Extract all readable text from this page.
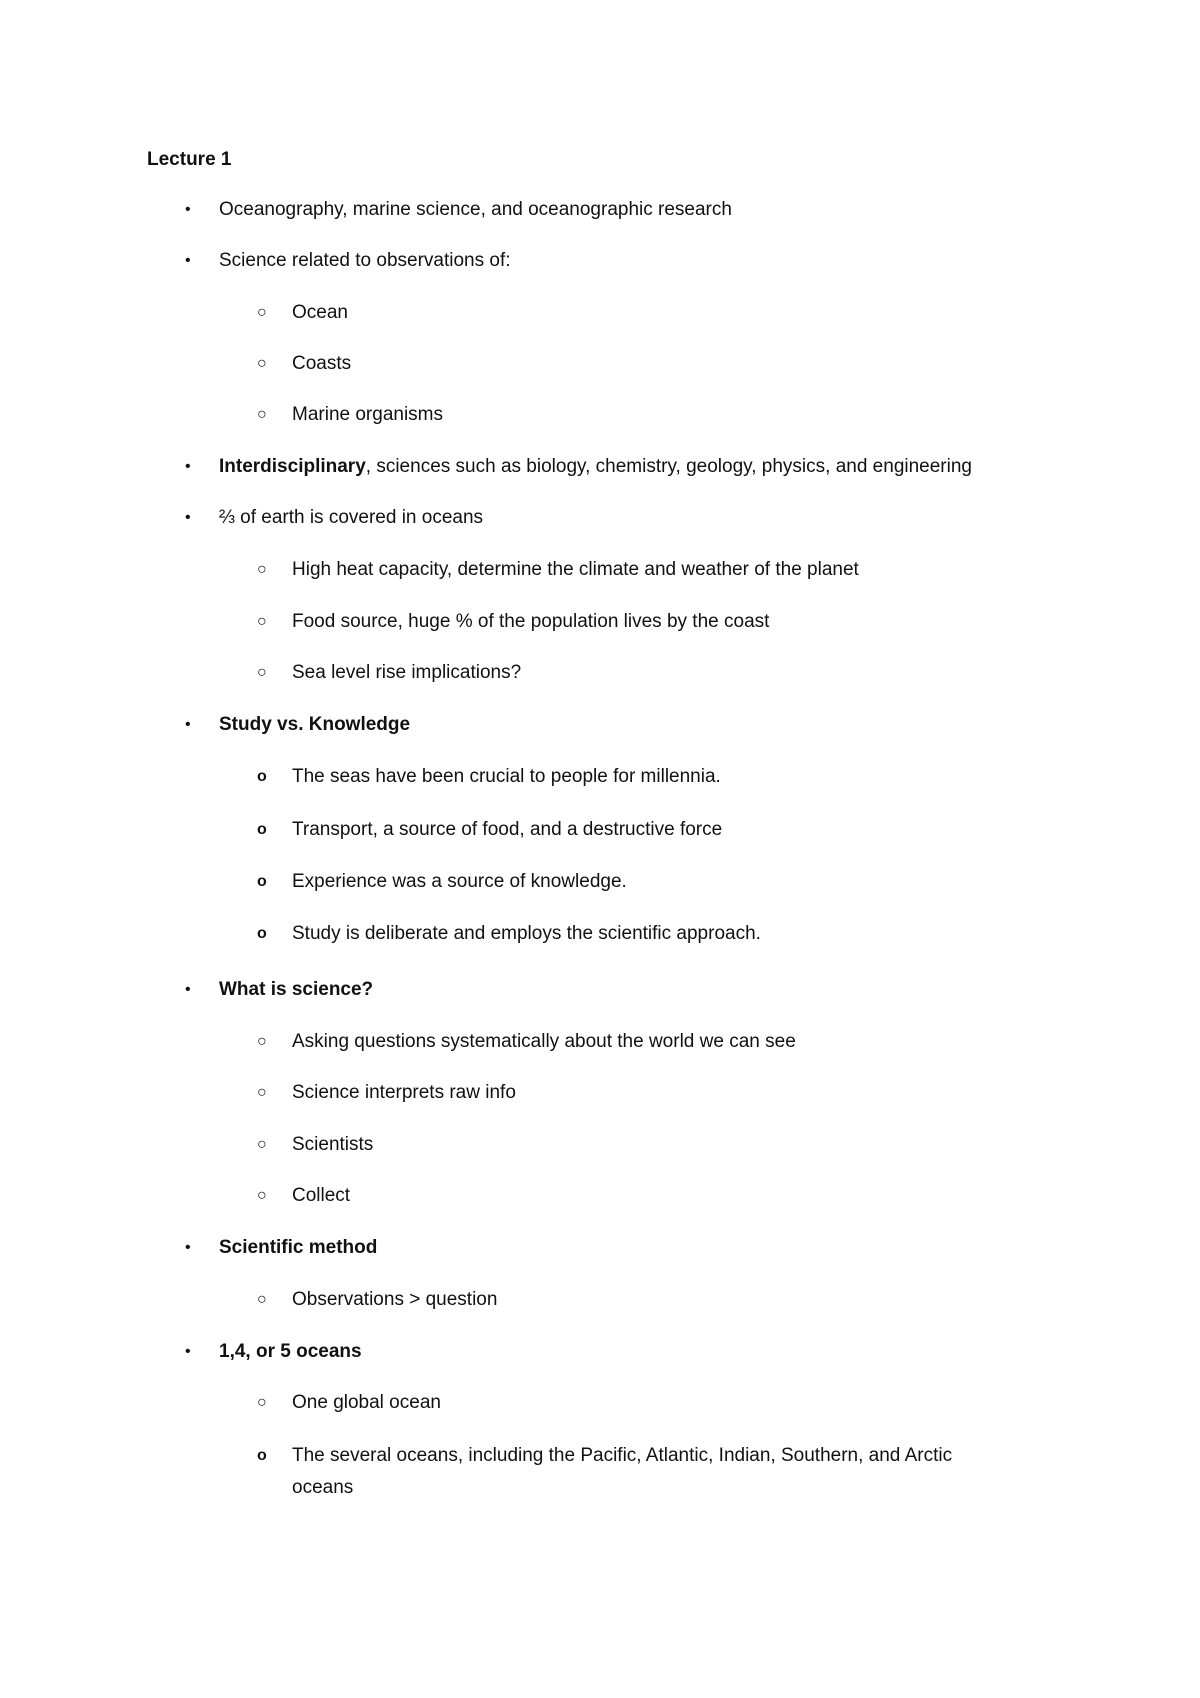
Lecture 1
• Oceanography, marine science, and oceanographic research
• Science related to observations of:
○ Ocean
○ Coasts
○ Marine organisms
• Interdisciplinary, sciences such as biology, chemistry, geology, physics, and engineering
• ⅔ of earth is covered in oceans
○ High heat capacity, determine the climate and weather of the planet
○ Food source, huge % of the population lives by the coast
○ Sea level rise implications?
• Study vs. Knowledge
o The seas have been crucial to people for millennia.
o Transport, a source of food, and a destructive force
o Experience was a source of knowledge.
o Study is deliberate and employs the scientific approach.
• What is science?
○ Asking questions systematically about the world we can see
○ Science interprets raw info
○ Scientists
○ Collect
• Scientific method
○ Observations > question
• 1,4, or 5 oceans
○ One global ocean
o The several oceans, including the Pacific, Atlantic, Indian, Southern, and Arctic oceans
